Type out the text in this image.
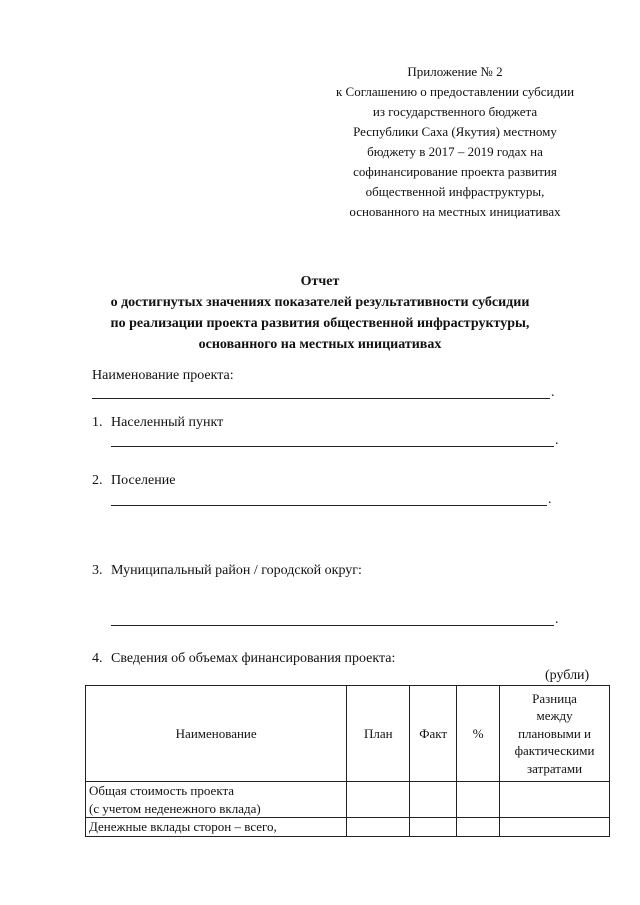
Приложение № 2
к Соглашению о предоставлении субсидии
из государственного бюджета
Республики Саха (Якутия) местному
бюджету в 2017 – 2019 годах на
софинансирование проекта развития
общественной инфраструктуры,
основанного на местных инициативах
Отчет
о достигнутых значениях показателей результативности субсидии
по реализации проекта развития общественной инфраструктуры,
основанного на местных инициативах
Наименование проекта:
.
1. Населенный пункт
.
2. Поселение
.
3. Муниципальный район / городской округ:
.
4. Сведения об объемах финансирования проекта:
(рубли)
Наименование	План	Факт	%	Разница
между
плановыми и
фактическими
затратами

Общая стоимость проекта
(с учетом неденежного вклада)				

Денежные вклады сторон – всего,				
